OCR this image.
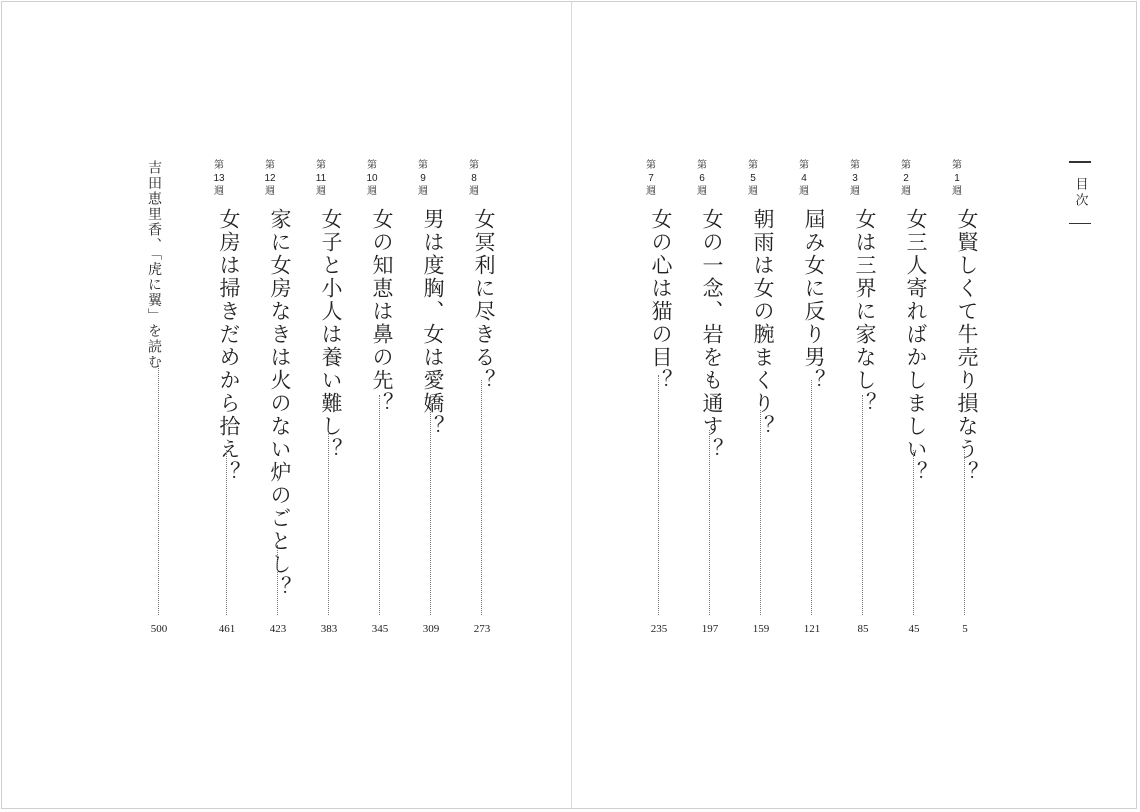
目次
第
1
週
女賢しくて牛売り損なう？
5
第
2
週
女三人寄ればかしましい？
45
第
3
週
女は三界に家なし？
85
第
4
週
屆み女に反り男？
121
第
5
週
朝雨は女の腕まくり？
159
第
6
週
女の一念、岩をも通す？
197
第
7
週
女の心は猫の目？
235
第
8
週
女冥利に尽きる？
273
第
9
週
男は度胸、女は愛嬌？
309
第
10
週
女の知恵は鼻の先？
345
第
11
週
女子と小人は養い難し？
383
第
12
週
家に女房なきは火のない炉のごとし？
423
第
13
週
女房は掃きだめから拾え？
461
吉田恵里香、「虎に翼」を読む
500
